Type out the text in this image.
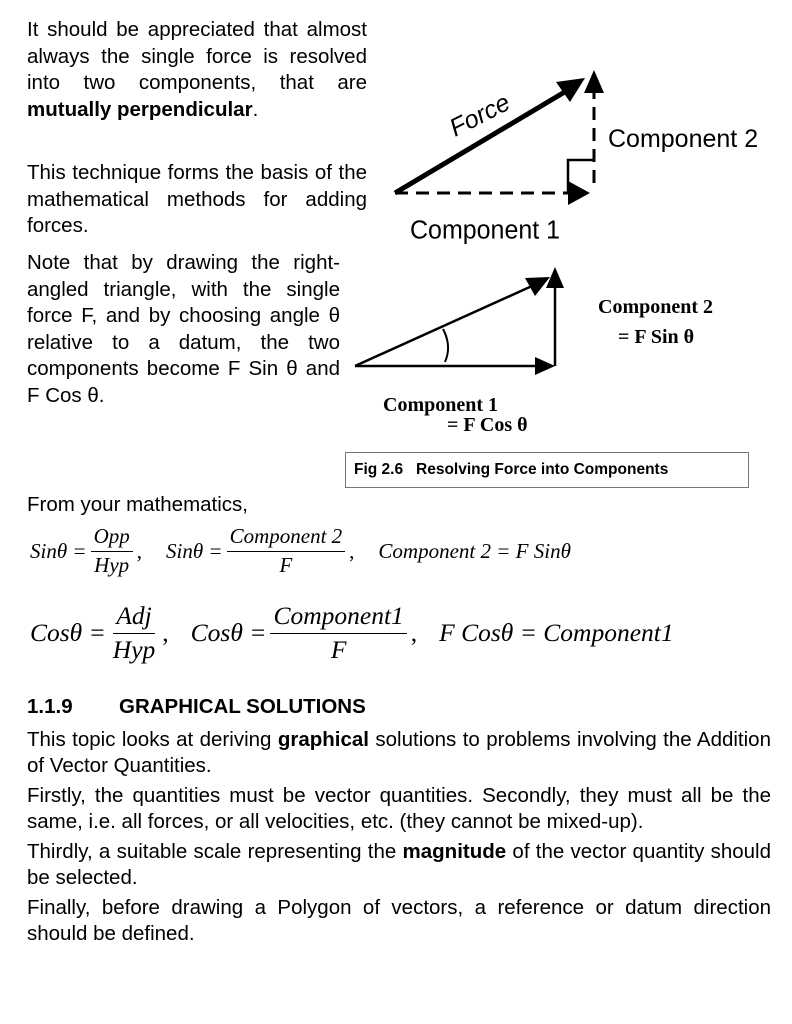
It should be appreciated that almost always the single force is resolved into two components, that are mutually perpendicular.
This technique forms the basis of the mathematical methods for adding forces.
Note that by drawing the right-angled triangle, with the single force F, and by choosing angle θ relative to a datum, the two components become F Sin θ and F Cos θ.
Force
Component 1
Component 2
Component 2
= F Sin θ
Component 1
= F Cos θ
Fig 2.6   Resolving Force into Components
From your mathematics,
$Sin\theta = \frac{\text{Opp}}{\text{Hyp}}$ , $Sin\theta = \frac{\text{Component 2}}{F}$ , Component 2 = F Sinθ
$Cos\theta = \frac{\text{Adj}}{\text{Hyp}}$ , $Cos\theta = \frac{\text{Component1}}{F}$ , F Cosθ = Component1
1.1.9 GRAPHICAL SOLUTIONS

This topic looks at deriving graphical solutions to problems involving the Addition of Vector Quantities.

Firstly, the quantities must be vector quantities. Secondly, they must all be the same, i.e. all forces, or all velocities, etc. (they cannot be mixed-up).

Thirdly, a suitable scale representing the magnitude of the vector quantity should be selected.

Finally, before drawing a Polygon of vectors, a reference or datum direction should be defined.
